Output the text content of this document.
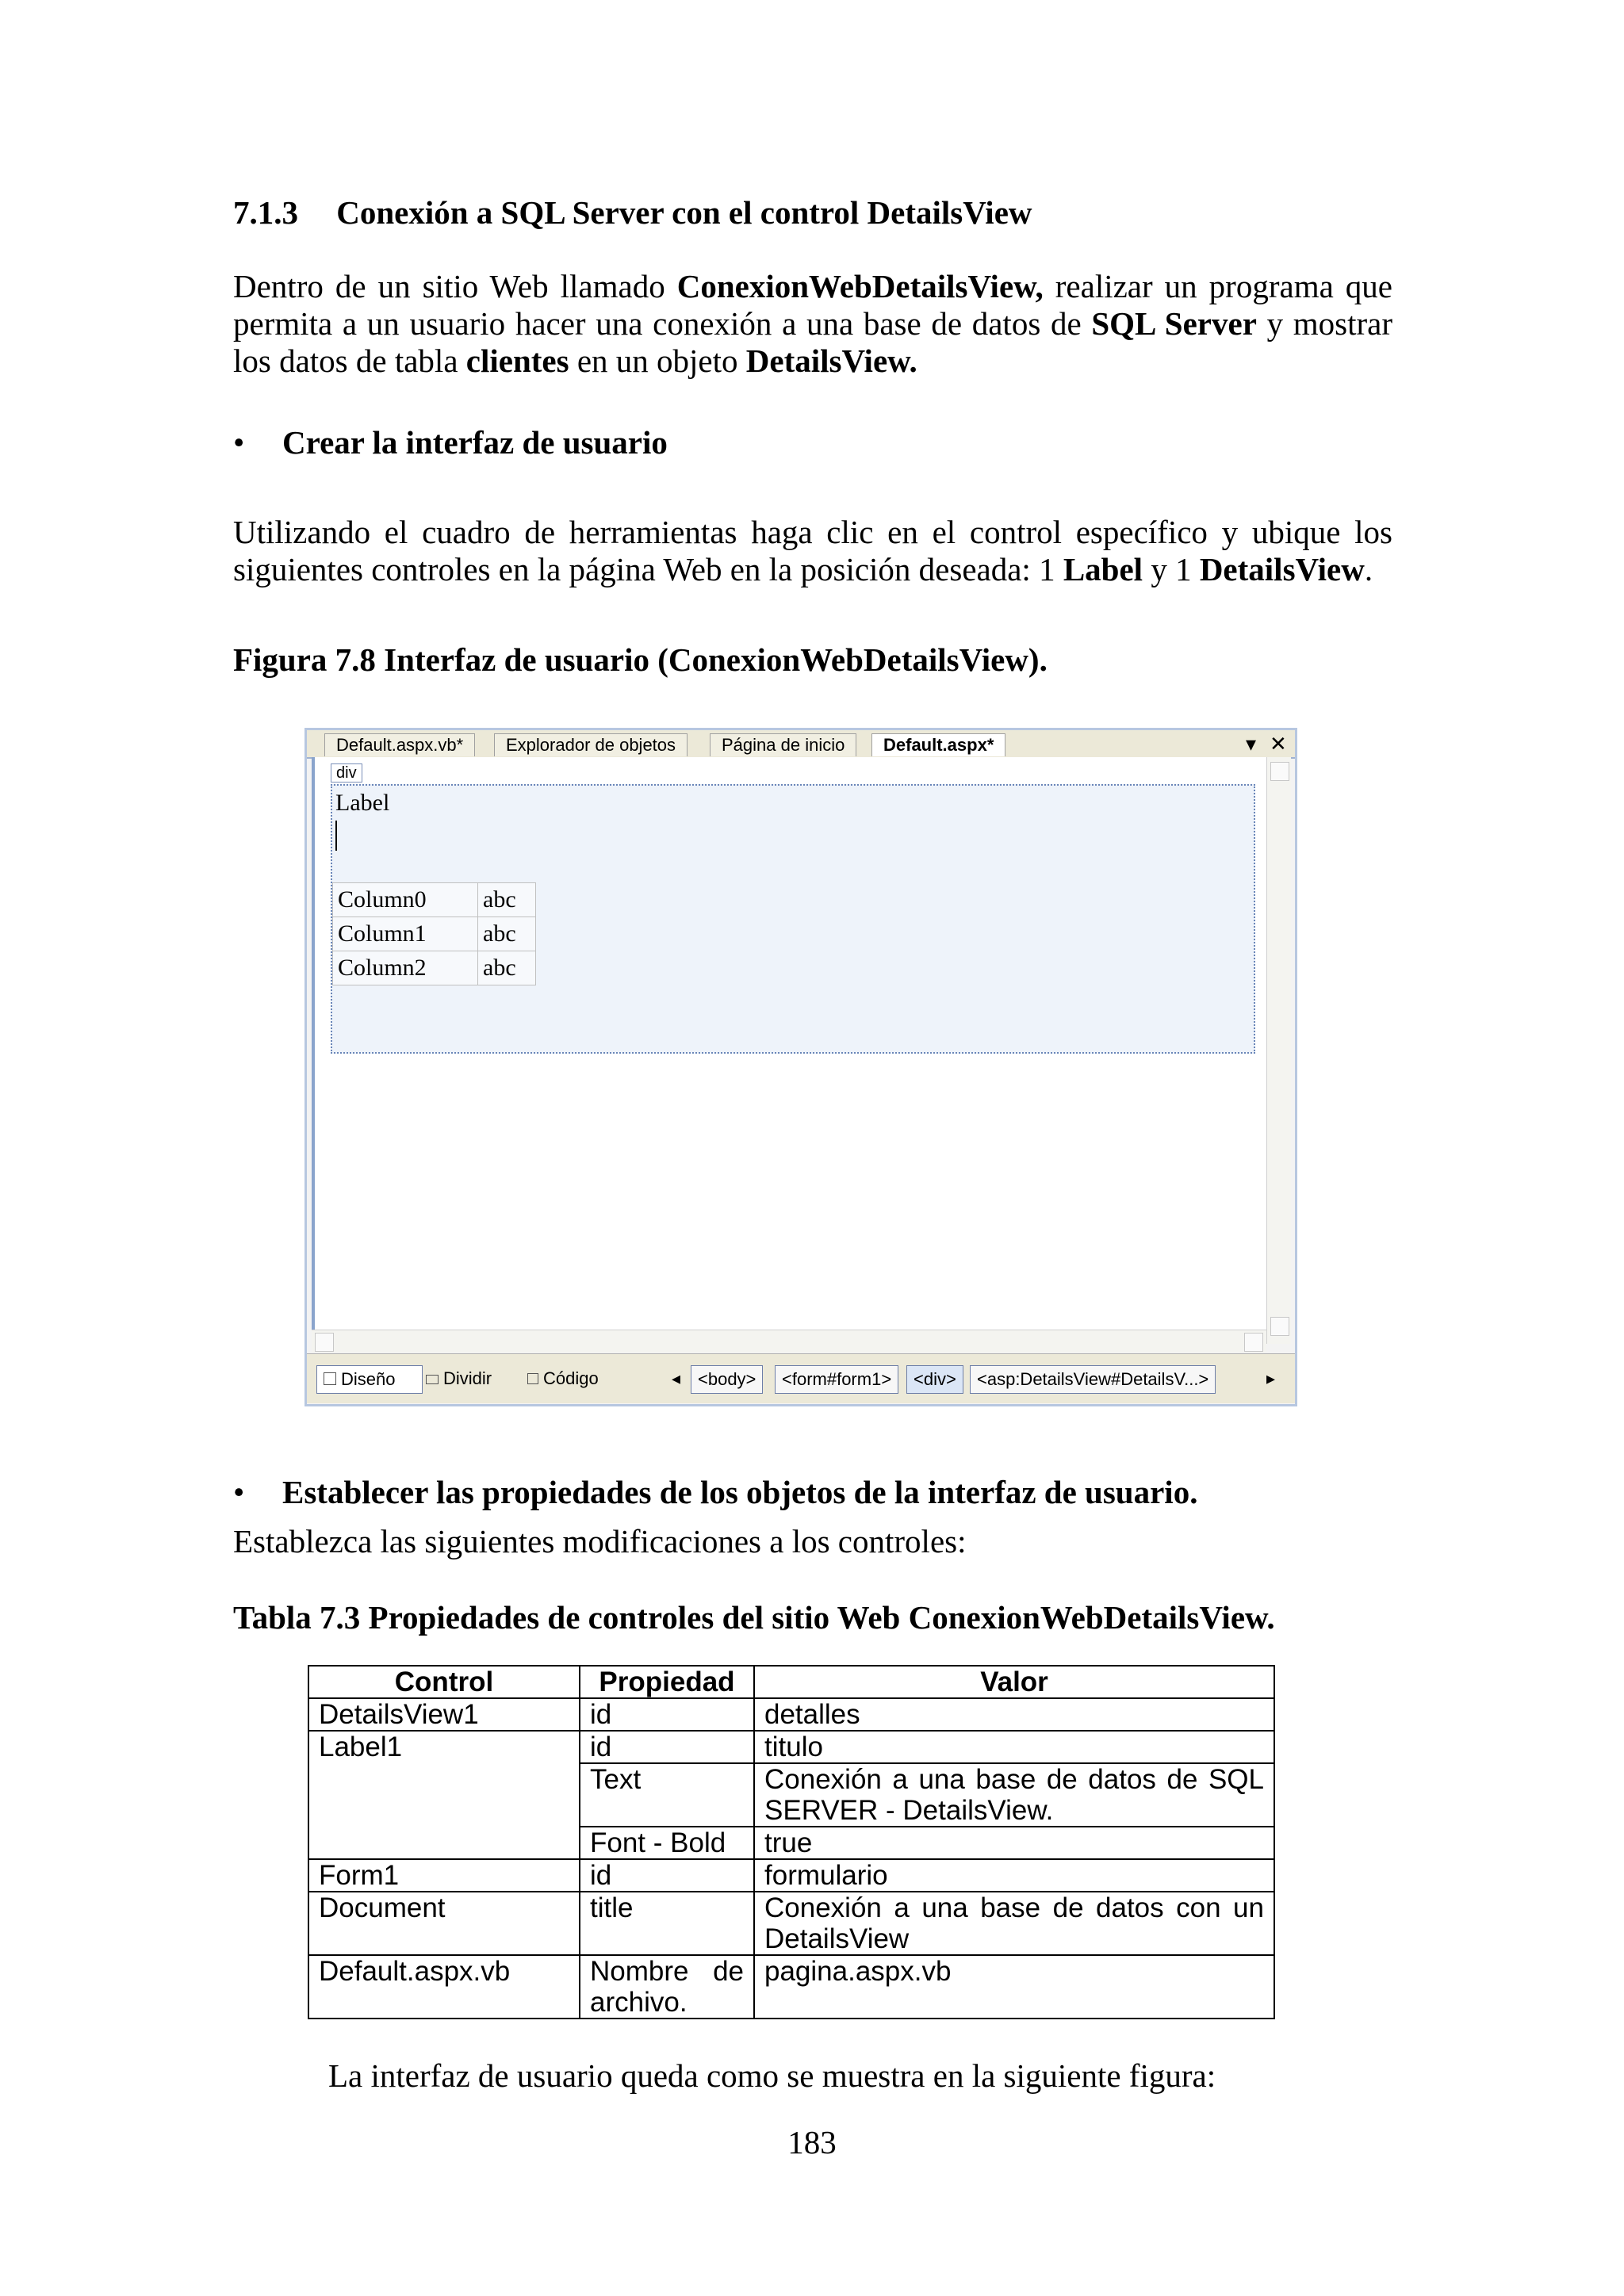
7.1.3 Conexión a SQL Server con el control DetailsView
Dentro de un sitio Web llamado ConexionWebDetailsView, realizar un programa que
permita a un usuario hacer una conexión a una base de datos de SQL Server y mostrar
los datos de tabla clientes en un objeto DetailsView.
• Crear la interfaz de usuario
Utilizando el cuadro de herramientas haga clic en el control específico y ubique los
siguientes controles en la página Web en la posición deseada: 1 Label y 1 DetailsView.
Figura 7.8 Interfaz de usuario (ConexionWebDetailsView).
Default.aspx.vb*	Explorador de objetos	Página de inicio	Default.aspx*	▾ ✕
div
Label
Column0	abc
Column1	abc
Column2	abc
Diseño	Dividir	Código	◂ <body>	<form#form1>	<div>	<asp:DetailsView#DetailsV...>	▸
• Establecer las propiedades de los objetos de la interfaz de usuario.
Establezca las siguientes modificaciones a los controles:
Tabla 7.3 Propiedades de controles del sitio Web ConexionWebDetailsView.
Control	Propiedad	Valor
DetailsView1	id	detalles
Label1	id	titulo
	Text	Conexión a una base de datos de SQL SERVER - DetailsView.
	Font - Bold	true
Form1	id	formulario
Document	title	Conexión a una base de datos con un DetailsView
Default.aspx.vb	Nombre de archivo.	pagina.aspx.vb
La interfaz de usuario queda como se muestra en la siguiente figura:
183
